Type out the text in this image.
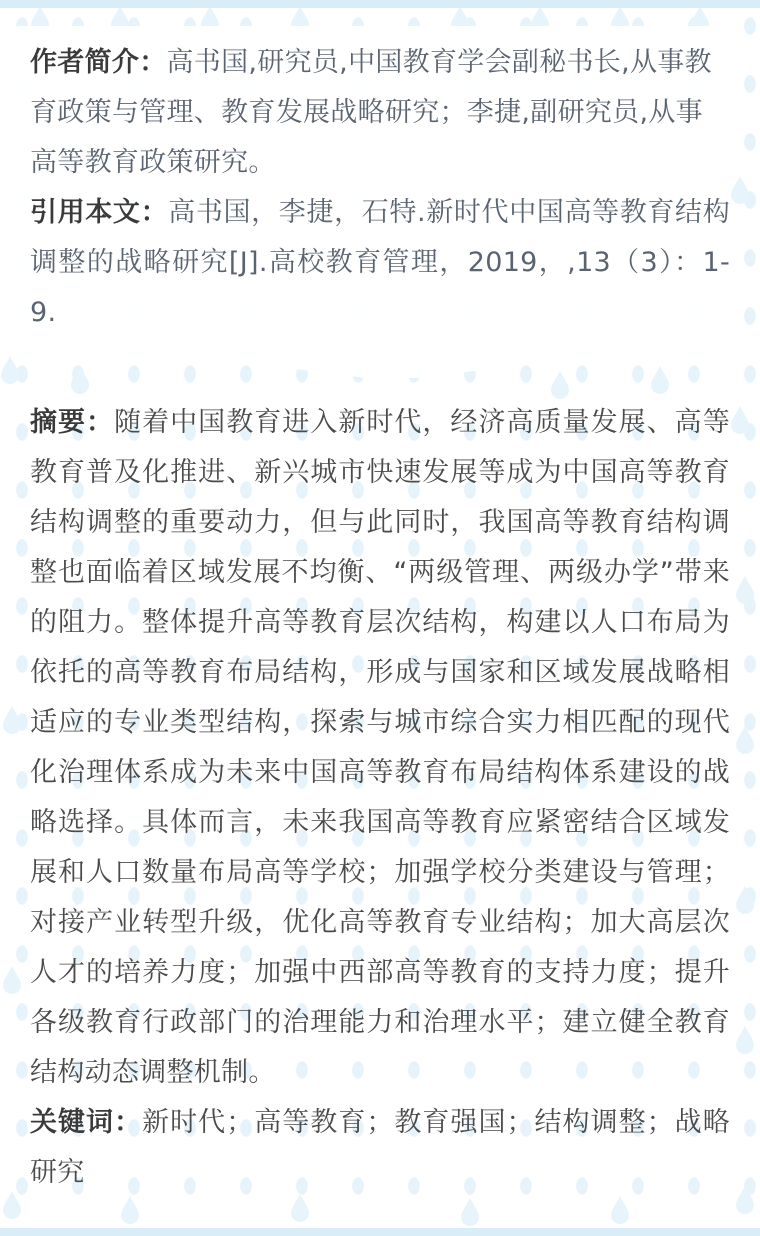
作者简介：高书国,研究员,中国教育学会副秘书长,从事教育政策与管理、教育发展战略研究；李捷,副研究员,从事高等教育政策研究。

引用本文：高书国，李捷，石特.新时代中国高等教育结构调整的战略研究[J].高校教育管理，2019，,13（3）：1-9.

摘要：随着中国教育进入新时代，经济高质量发展、高等教育普及化推进、新兴城市快速发展等成为中国高等教育结构调整的重要动力，但与此同时，我国高等教育结构调整也面临着区域发展不均衡、“两级管理、两级办学”带来的阻力。整体提升高等教育层次结构，构建以人口布局为依托的高等教育布局结构，形成与国家和区域发展战略相适应的专业类型结构，探索与城市综合实力相匹配的现代化治理体系成为未来中国高等教育布局结构体系建设的战略选择。具体而言，未来我国高等教育应紧密结合区域发展和人口数量布局高等学校；加强学校分类建设与管理；对接产业转型升级，优化高等教育专业结构；加大高层次人才的培养力度；加强中西部高等教育的支持力度；提升各级教育行政部门的治理能力和治理水平；建立健全教育结构动态调整机制。

关键词：新时代；高等教育；教育强国；结构调整；战略研究
